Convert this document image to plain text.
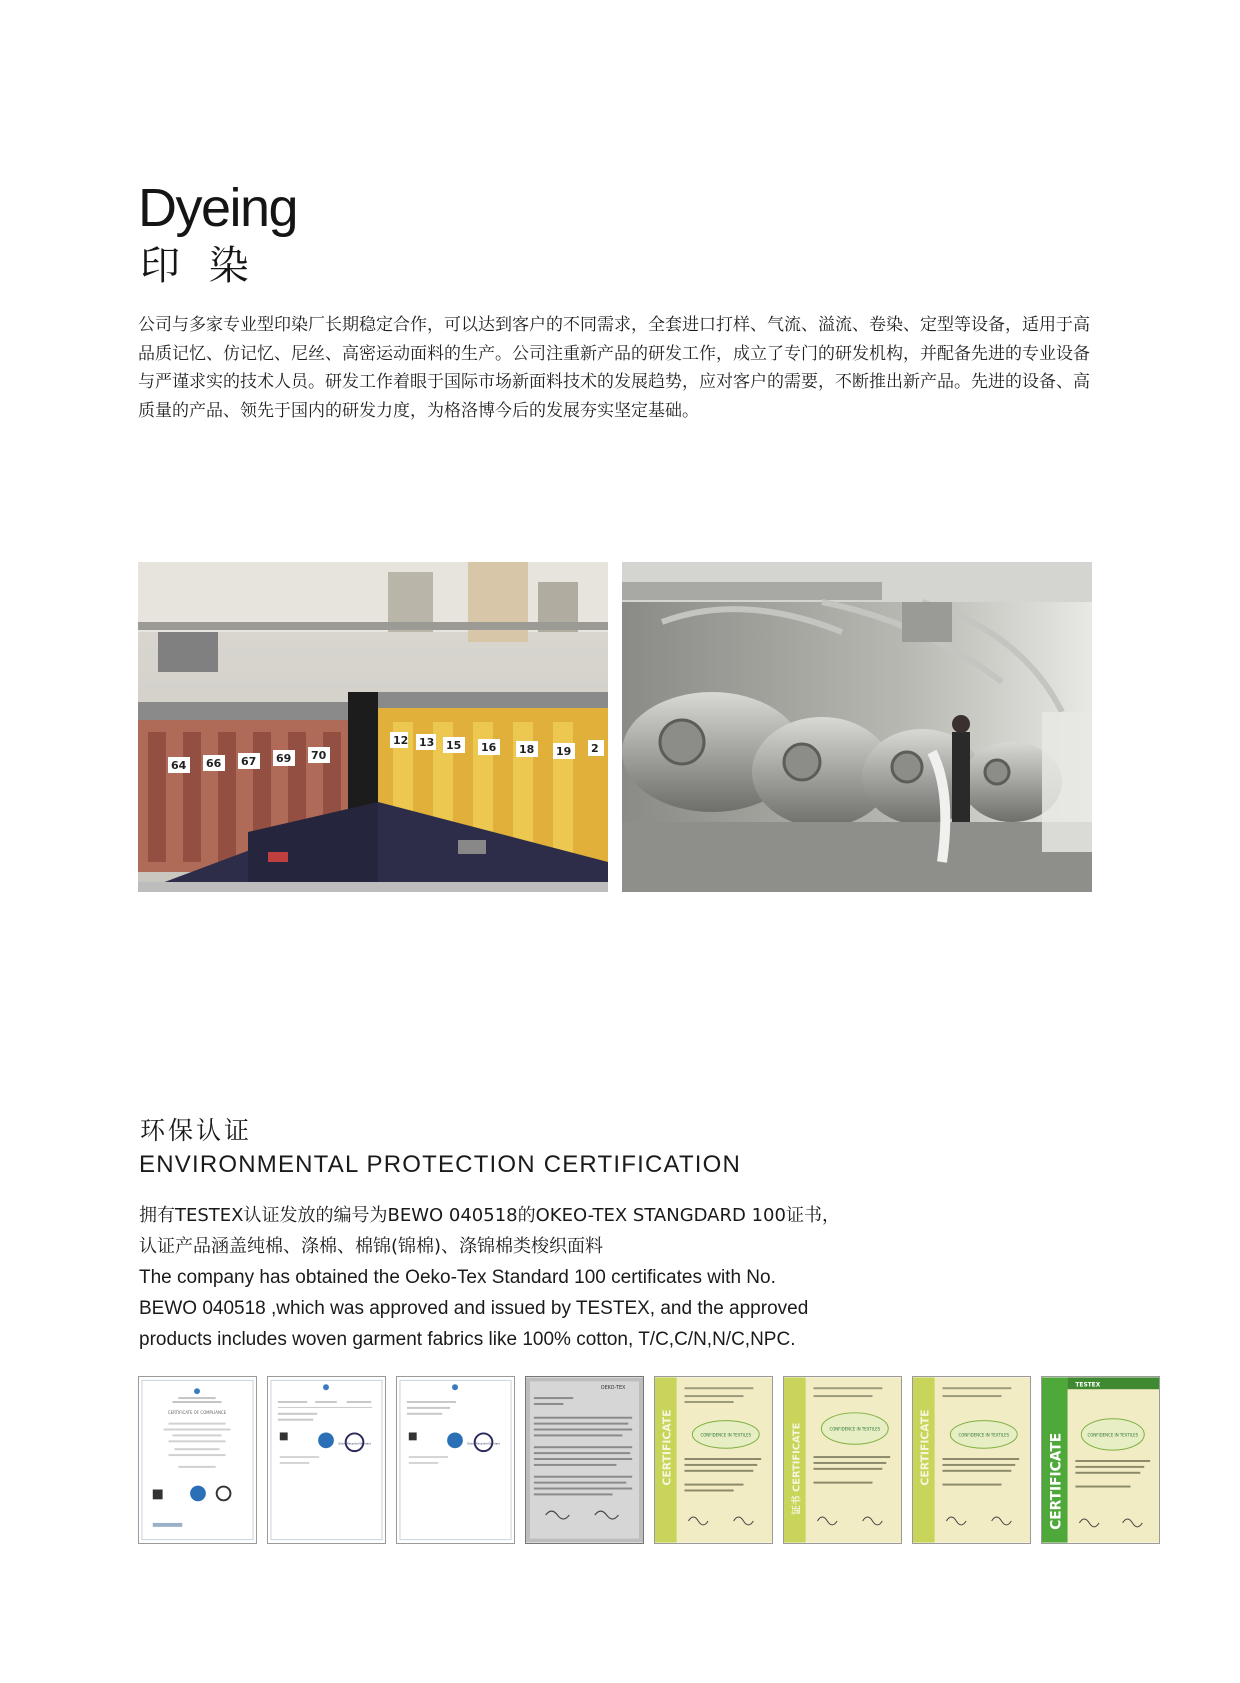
Dyeing
印 染

公司与多家专业型印染厂长期稳定合作，可以达到客户的不同需求，全套进口打样、气流、溢流、卷染、定型等设备，适用于高品质记忆、仿记忆、尼丝、高密运动面料的生产。公司注重新产品的研发工作，成立了专门的研发机构，并配备先进的专业设备与严谨求实的技术人员。研发工作着眼于国际市场新面料技术的发展趋势，应对客户的需要，不断推出新产品。先进的设备、高质量的产品、领先于国内的研发力度，为格洛博今后的发展夯实坚定基础。

64 66 67 69 70
12 13 15 16 18 19 2
环保认证
ENVIRONMENTAL PROTECTION CERTIFICATION
拥有TESTEX认证发放的编号为BEWO 040518的OKEO-TEX STANGDARD 100证书，
认证产品涵盖纯棉、涤棉、棉锦(锦棉)、涤锦棉类梭织面料
The company has obtained the Oeko-Tex Standard 100 certificates with No.
BEWO 040518 ,which was approved and issued by TESTEX, and the approved
products includes woven garment fabrics like 100% cotton, T/C,C/N,N/C,NPC.
CERTIFICATE OF COMPLIANCE
Global Recycled Standard	Global Recycled Standard
OEKO-TEX
CERTIFICATE	CONFIDENCE IN TEXTILES	证书 CERTIFICATE	CONFIDENCE IN TEXTILES	CERTIFICATE	CONFIDENCE IN TEXTILES	CERTIFICATE
TESTEX
CONFIDENCE IN TEXTILES
